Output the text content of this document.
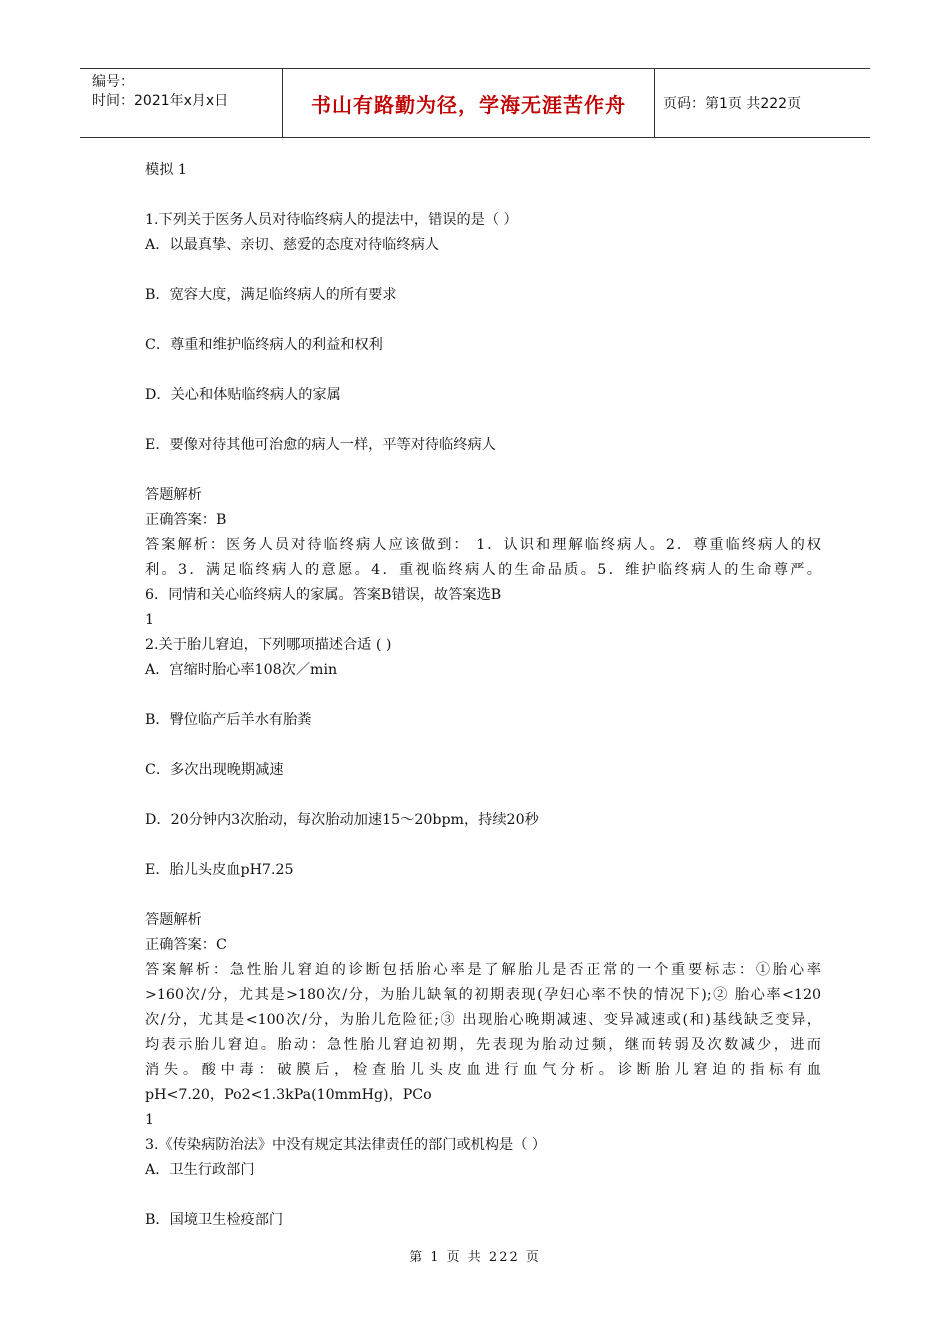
编号：
时间：2021年x月x日	书山有路勤为径，学海无涯苦作舟	页码：第1页 共222页
模拟 1
1.下列关于医务人员对待临终病人的提法中，错误的是（ ）
A．以最真挚、亲切、慈爱的态度对待临终病人
B．宽容大度，满足临终病人的所有要求
C．尊重和维护临终病人的利益和权利
D．关心和体贴临终病人的家属
E．要像对待其他可治愈的病人一样，平等对待临终病人
答题解析
正确答案：B
答案解析：医务人员对待临终病人应该做到： 1．认识和理解临终病人。2．尊重临终病人的权
利。3．满足临终病人的意愿。4．重视临终病人的生命品质。5．维护临终病人的生命尊严。
6．同情和关心临终病人的家属。答案B错误，故答案选B
1
2.关于胎儿窘迫，下列哪项描述合适 ( )
A．宫缩时胎心率108次／min
B．臀位临产后羊水有胎粪
C．多次出现晚期减速
D．20分钟内3次胎动，每次胎动加速15～20bpm，持续20秒
E．胎儿头皮血pH7.25
答题解析
正确答案：C
答案解析：急性胎儿窘迫的诊断包括胎心率是了解胎儿是否正常的一个重要标志：①胎心率
>160次/分，尤其是>180次/分，为胎儿缺氧的初期表现(孕妇心率不快的情况下);② 胎心率<120
次/分，尤其是<100次/分，为胎儿危险征;③ 出现胎心晚期减速、变异减速或(和)基线缺乏变异，
均表示胎儿窘迫。胎动：急性胎儿窘迫初期，先表现为胎动过频，继而转弱及次数减少，进而
消失。酸中毒：破膜后，检查胎儿头皮血进行血气分析。诊断胎儿窘迫的指标有血
pH<7.20，Po2<1.3kPa(10mmHg)，PCo
1
3.《传染病防治法》中没有规定其法律责任的部门或机构是（ ）
A．卫生行政部门
B．国境卫生检疫部门
第 1 页 共 222 页
